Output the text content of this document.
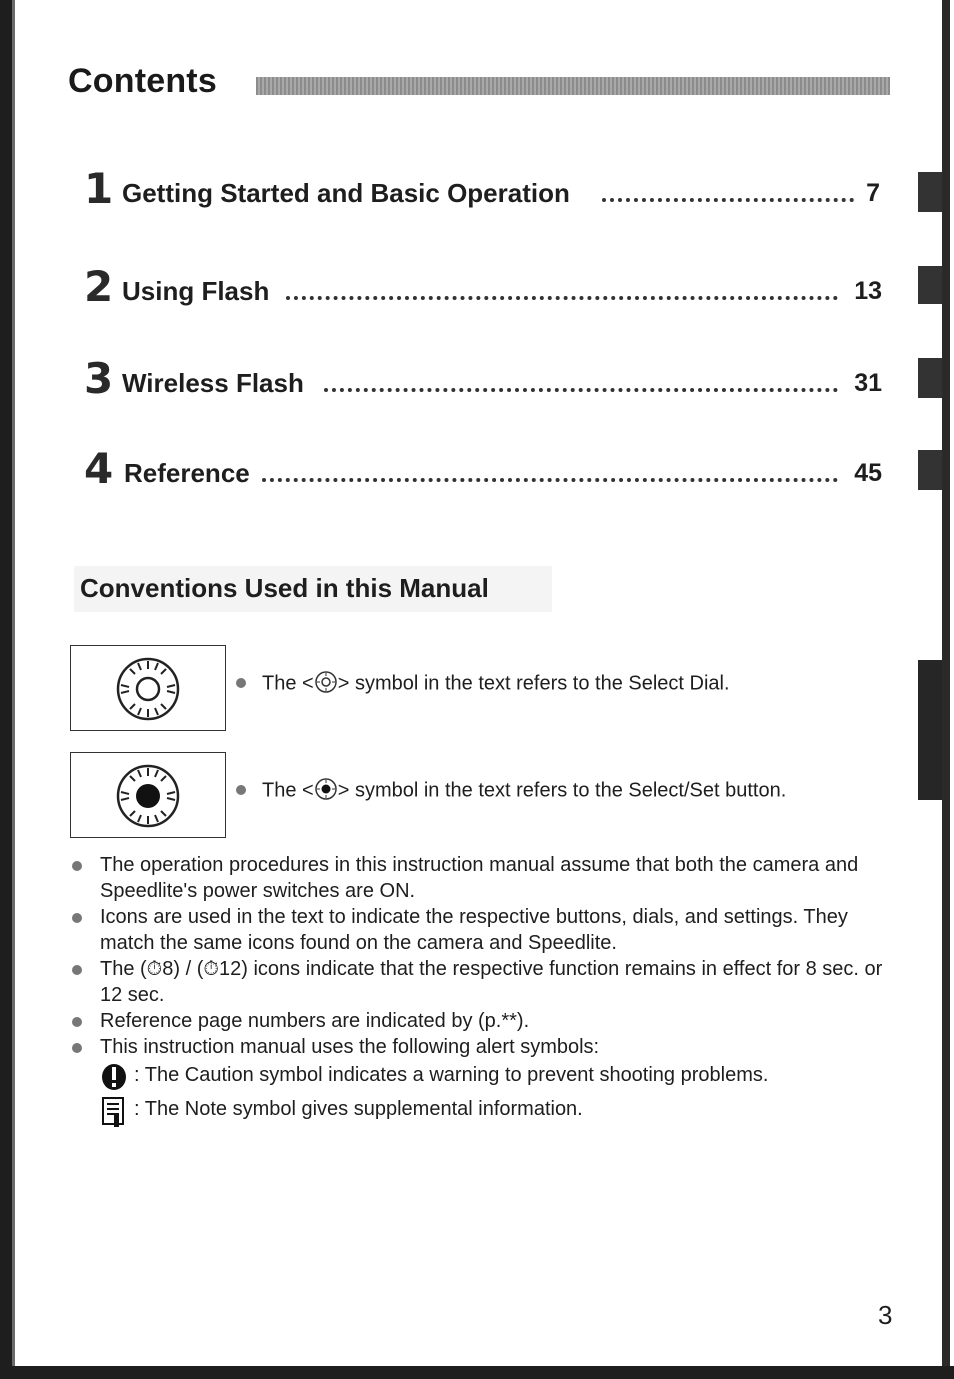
Contents
1 Getting Started and Basic Operation	7
2 Using Flash	13
3 Wireless Flash	31
4 Reference	45
Conventions Used in this Manual
The < > symbol in the text refers to the Select Dial.
The < > symbol in the text refers to the Select/Set button.
The operation procedures in this instruction manual assume that both the camera and Speedlite's power switches are ON.
Icons are used in the text to indicate the respective buttons, dials, and settings. They match the same icons found on the camera and Speedlite.
The (⏱8) / (⏱12) icons indicate that the respective function remains in effect for 8 sec. or 12 sec.
Reference page numbers are indicated by (p.**).
This instruction manual uses the following alert symbols:
: The Caution symbol indicates a warning to prevent shooting problems.
: The Note symbol gives supplemental information.
3
